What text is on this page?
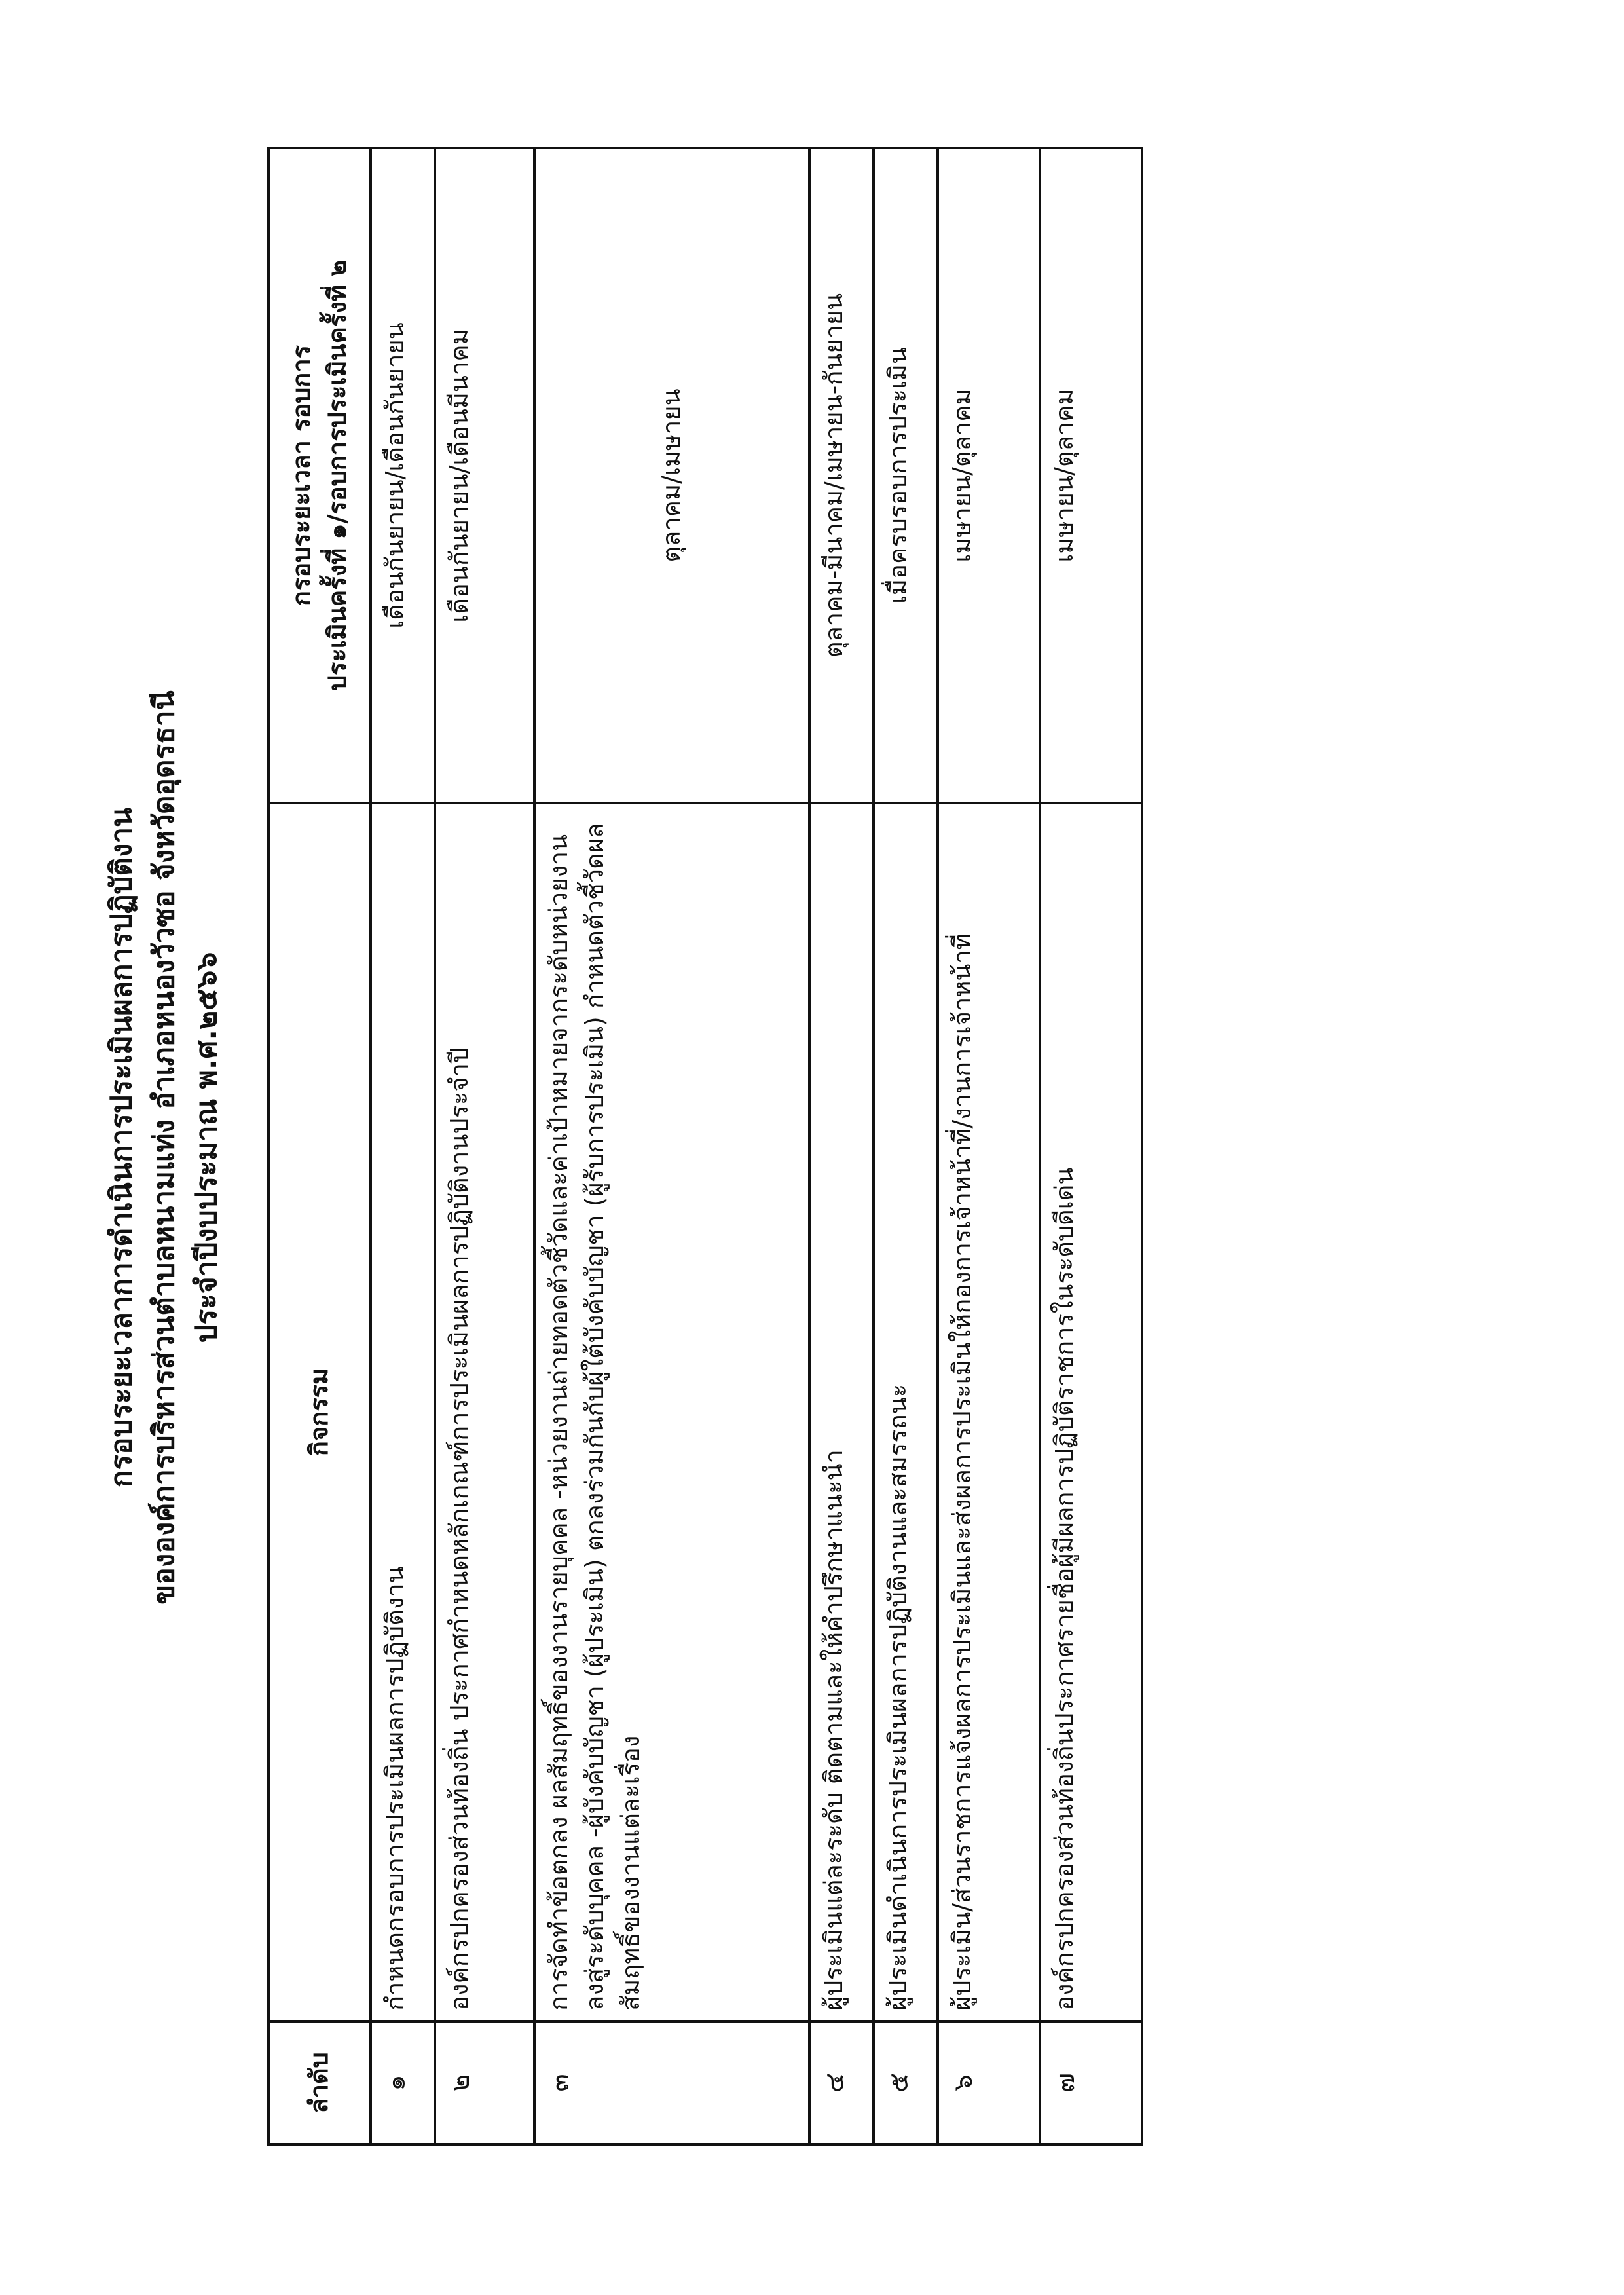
กรอบระยะเวลาการดำเนินการประเมินผลการปฏิบัติงาน ขององค์การบริหารส่วนตำบลหนามแท่ง อำเภอหนองวัวซอ จังหวัดอุดรธานี ประจำปีงบประมาณ พ.ศ.๒๕๖๖
ลำดับ	กิจกรรม	กรอบระยะเวลา รอบการ ประเมินครั้งที่ ๑/รอบการประเมินครั้งที่ ๒

๑	กำหนดกรอบการประเมินผลการปฏิบัติงาน	เดือนกันยายน/เดือนกันยายน
๒	องค์กรปกครองส่วนท้องถิ่น ประกาศกำหนดหลักเกณฑ์การประเมินผลการปฏิบัติงานประจำปี	เดือนกันยายน/เดือนมีนาคม
๓	การจัดทำข้อตกลง ผลสัมฤทธิ์ของงานรายบุคคล -หน่วยงานถ่ายทอดตัวชี้วัดและค่าเป้าหมายจากระดับหน่วยงานลงสู่ระดับบุคคล -ผู้บังคับบัญชา (ผู้ประเมิน) ตกลงร่วมกันกับผู้ใต้บังคับบัญชา (ผู้รับการประเมิน) กำหนดตัวชี้วัดผลสัมฤทธิ์ของงานแต่ละเรื่อง	ตุลาคม/เมษายน
๔	ผู้ประเมินแต่ละระดับ ติดตามและให้คำปรึกษาแนะนำ	ตุลาคม-มีนาคม/เมษายน-กันยายน
๕	ผู้ประเมินดำเนินการประเมินผลการปฏิบัติงานและสมรรถนะ	เมื่อครบรอบการประเมิน
๖	ผู้ประเมิน/ส่วนราชการแจ้งผลการประเมินและส่งผลการประเมินให้กองการเจ้าหน้าที่/งานการเจ้าหน้าที่	เมษายน/ตุลาคม
๗	องค์กรปกครองส่วนท้องถิ่นประกาศรายชื่อผู้มีผลการปฏิบัติราชการในระดับดีเด่น	เมษายน/ตุลาคม
